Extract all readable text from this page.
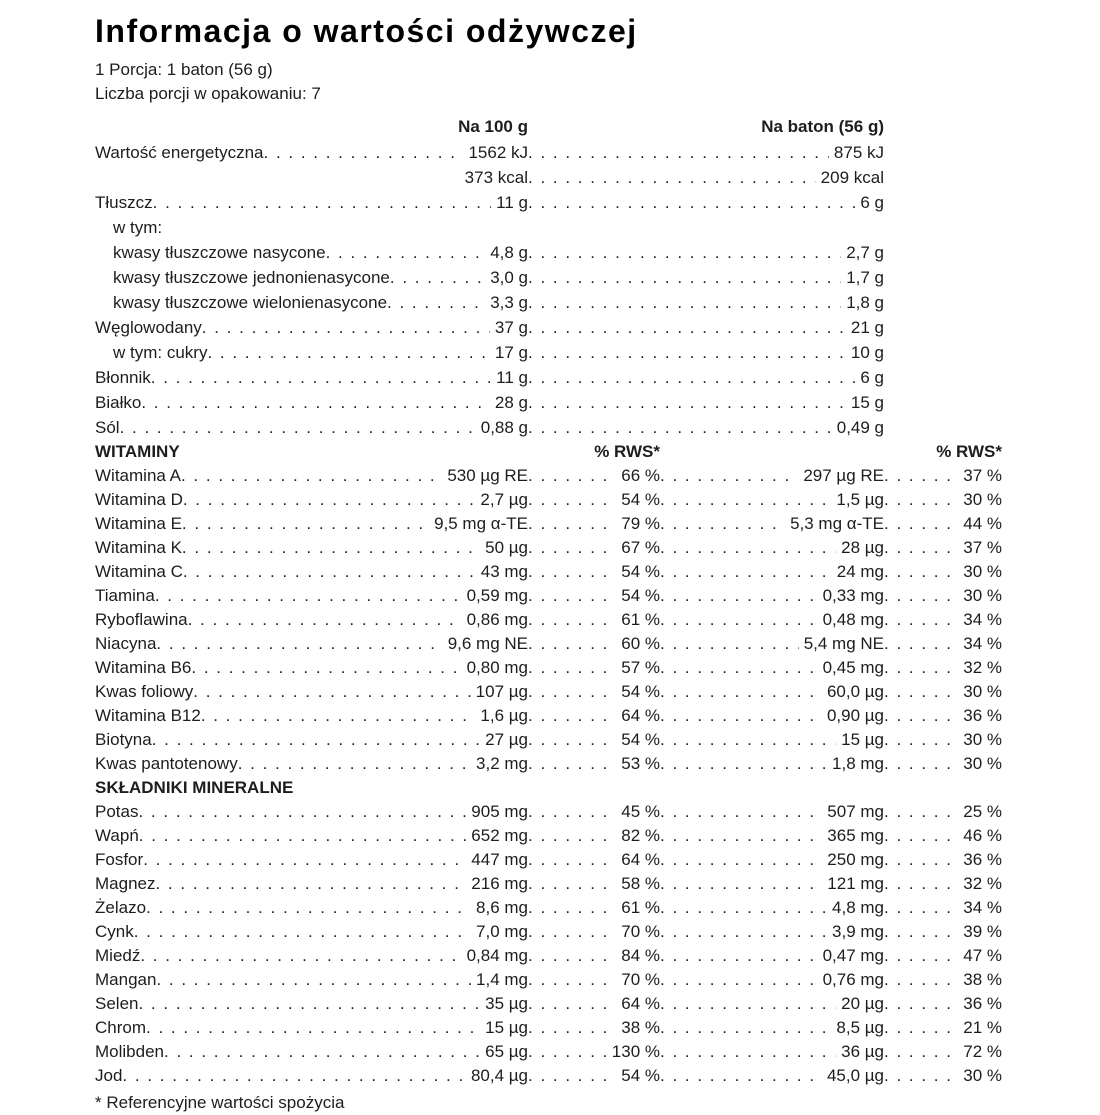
Informacja o wartości odżywczej
1 Porcja: 1 baton (56 g)
Liczba porcji w opakowaniu: 7
Na 100 g	Na baton (56 g)
Wartość energetyczna . . .	1562 kJ . . .	875 kJ
373 kcal . . .	209 kcal
Tłuszcz . . .	11 g . . .	6 g
w tym:
kwasy tłuszczowe nasycone . . .	4,8 g . . .	2,7 g
kwasy tłuszczowe jednonienasycone . . .	3,0 g . . .	1,7 g
kwasy tłuszczowe wielonienasycone . . .	3,3 g . . .	1,8 g
Węglowodany . . .	37 g . . .	21 g
w tym: cukry . . .	17 g . . .	10 g
Błonnik . . .	11 g . . .	6 g
Białko . . .	28 g . . .	15 g
Sól . . .	0,88 g . . .	0,49 g
WITAMINY	% RWS*	% RWS*
Witamina A . . .	530 µg RE . . .	66 % . . .	297 µg RE . . .	37 %
Witamina D . . .	2,7 µg . . .	54 % . . .	1,5 µg . . .	30 %
Witamina E . . .	9,5 mg α-TE . . .	79 % . . .	5,3 mg α-TE . . .	44 %
Witamina K . . .	50 µg . . .	67 % . . .	28 µg . . .	37 %
Witamina C . . .	43 mg . . .	54 % . . .	24 mg . . .	30 %
Tiamina . . .	0,59 mg . . .	54 % . . .	0,33 mg . . .	30 %
Ryboflawina . . .	0,86 mg . . .	61 % . . .	0,48 mg . . .	34 %
Niacyna . . .	9,6 mg NE . . .	60 % . . .	5,4 mg NE . . .	34 %
Witamina B6 . . .	0,80 mg . . .	57 % . . .	0,45 mg . . .	32 %
Kwas foliowy . . .	107 µg . . .	54 % . . .	60,0 µg . . .	30 %
Witamina B12 . . .	1,6 µg . . .	64 % . . .	0,90 µg . . .	36 %
Biotyna . . .	27 µg . . .	54 % . . .	15 µg . . .	30 %
Kwas pantotenowy . . .	3,2 mg . . .	53 % . . .	1,8 mg . . .	30 %
SKŁADNIKI MINERALNE
Potas . . .	905 mg . . .	45 % . . .	507 mg . . .	25 %
Wapń . . .	652 mg . . .	82 % . . .	365 mg . . .	46 %
Fosfor . . .	447 mg . . .	64 % . . .	250 mg . . .	36 %
Magnez . . .	216 mg . . .	58 % . . .	121 mg . . .	32 %
Żelazo . . .	8,6 mg . . .	61 % . . .	4,8 mg . . .	34 %
Cynk . . .	7,0 mg . . .	70 % . . .	3,9 mg . . .	39 %
Miedź . . .	0,84 mg . . .	84 % . . .	0,47 mg . . .	47 %
Mangan . . .	1,4 mg . . .	70 % . . .	0,76 mg . . .	38 %
Selen . . .	35 µg . . .	64 % . . .	20 µg . . .	36 %
Chrom . . .	15 µg . . .	38 % . . .	8,5 µg . . .	21 %
Molibden . . .	65 µg . . .	130 % . . .	36 µg . . .	72 %
Jod . . .	80,4 µg . . .	54 % . . .	45,0 µg . . .	30 %
* Referencyjne wartości spożycia
